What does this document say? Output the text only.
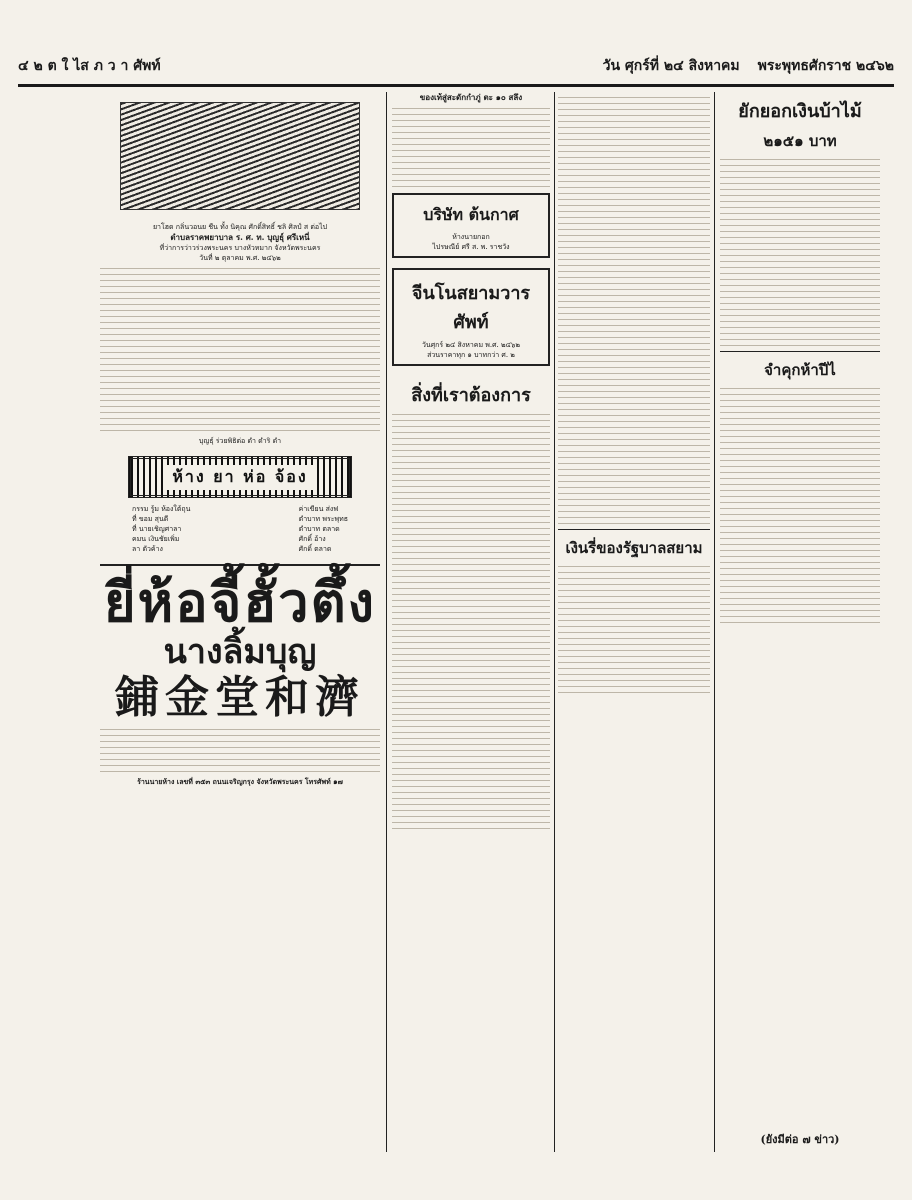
๔ ๒ ต ใ ไส ภ ว า ศัพท์	วัน ศุกร์ที่ ๒๔ สิงหาคม พระพุทธศักราช ๒๔๖๒
ยาโฮด กลิ่นวอนย ชืน ทั้ง นิคุณ ศักดิ์สิทธิ์ ชลิ ศิลป์ ส ต่อไป
ตำบลราคพยาบาล ร. ศ. ท. บุญธุ์ ศรีเหนี่
ที่ว่าการว่าวร่วงพระนคร บางหัวหมาก จังหวัดพระนคร
วันที่ ๒ ตุลาคม พ.ศ. ๒๔๖๒
บุญธุ์ ร่วยพิธิต่อ ดำ ดำริ ดำ
ห้าง ยา ห่อ จ้อง
กรรม รู้ม ห้องใต้ถุน
ที่ ขอม สุนดี
ที่ นายเชิญศาลา
คมน เงินชัยเพิ่ม
ลา ตัวค้าง
ค่าเขียน ส่งฟ
ตำบาท พระพุทธ
ตำบาท ตลาด
ศักดิ์ อ้าง
ศักดิ์ ตลาด
ยี่ห้อจี้ฮั้วตึ้ง
นางลิ้มบุญ
鋪金堂和濟
ร้านนายห้าง เลขที่ ๓๕๓ ถนนเจริญกรุง จังหวัดพระนคร โทรศัพท์ ๑๗
ของเท้สู่สะดักกำภู่ ตะ ๑๐ สลึง
บริษัท ต้นกาศ
ห้างนายกอก
ไปรษณีย์ ศรี ส. พ. ราชวัง
จีนโนสยามวารศัพท์
วันศุกร์ ๒๔ สิงหาคม พ.ศ. ๒๔๖๒
ส่วนราคาทุก ๑ บาทกว่า ศ. ๒
สิ่งที่เราต้องการ
เงินรี่ของรัฐบาลสยาม
ยักยอกเงินบ้าไม้
๒๑๕๑ บาท
จำคุกห้าปีไ
(ยังมีต่อ ๗ ข่าว)
